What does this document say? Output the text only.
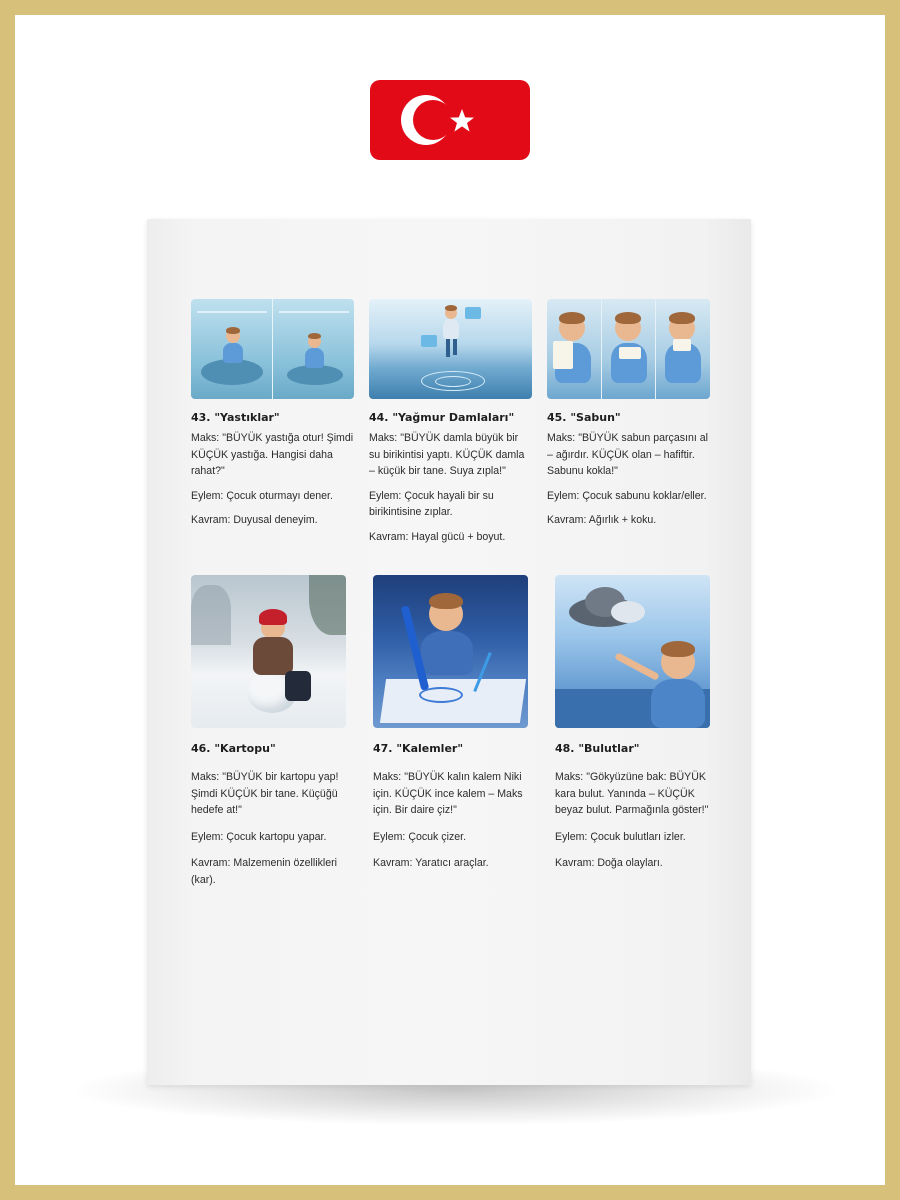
43. "Yastıklar"

Maks: "BÜYÜK yastığa otur! Şimdi KÜÇÜK yastığa. Hangisi daha rahat?"

Eylem: Çocuk oturmayı dener.

Kavram: Duyusal deneyim.

44. "Yağmur Damlaları"

Maks: "BÜYÜK damla büyük bir su birikintisi yaptı. KÜÇÜK damla – küçük bir tane. Suya zıpla!"

Eylem: Çocuk hayali bir su birikintisine zıplar.

Kavram: Hayal gücü + boyut.

45. "Sabun"

Maks: "BÜYÜK sabun parçasını al – ağırdır. KÜÇÜK olan – hafiftir. Sabunu kokla!"

Eylem: Çocuk sabunu koklar/eller.

Kavram: Ağırlık + koku.

46. "Kartopu"

Maks: "BÜYÜK bir kartopu yap! Şimdi KÜÇÜK bir tane. Küçüğü hedefe at!"

Eylem: Çocuk kartopu yapar.

Kavram: Malzemenin özellikleri (kar).

47. "Kalemler"

Maks: "BÜYÜK kalın kalem Niki için. KÜÇÜK ince kalem – Maks için. Bir daire çiz!"

Eylem: Çocuk çizer.

Kavram: Yaratıcı araçlar.

48. "Bulutlar"

Maks: "Gökyüzüne bak: BÜYÜK kara bulut. Yanında – KÜÇÜK beyaz bulut. Parmağınla göster!"

Eylem: Çocuk bulutları izler.

Kavram: Doğa olayları.
